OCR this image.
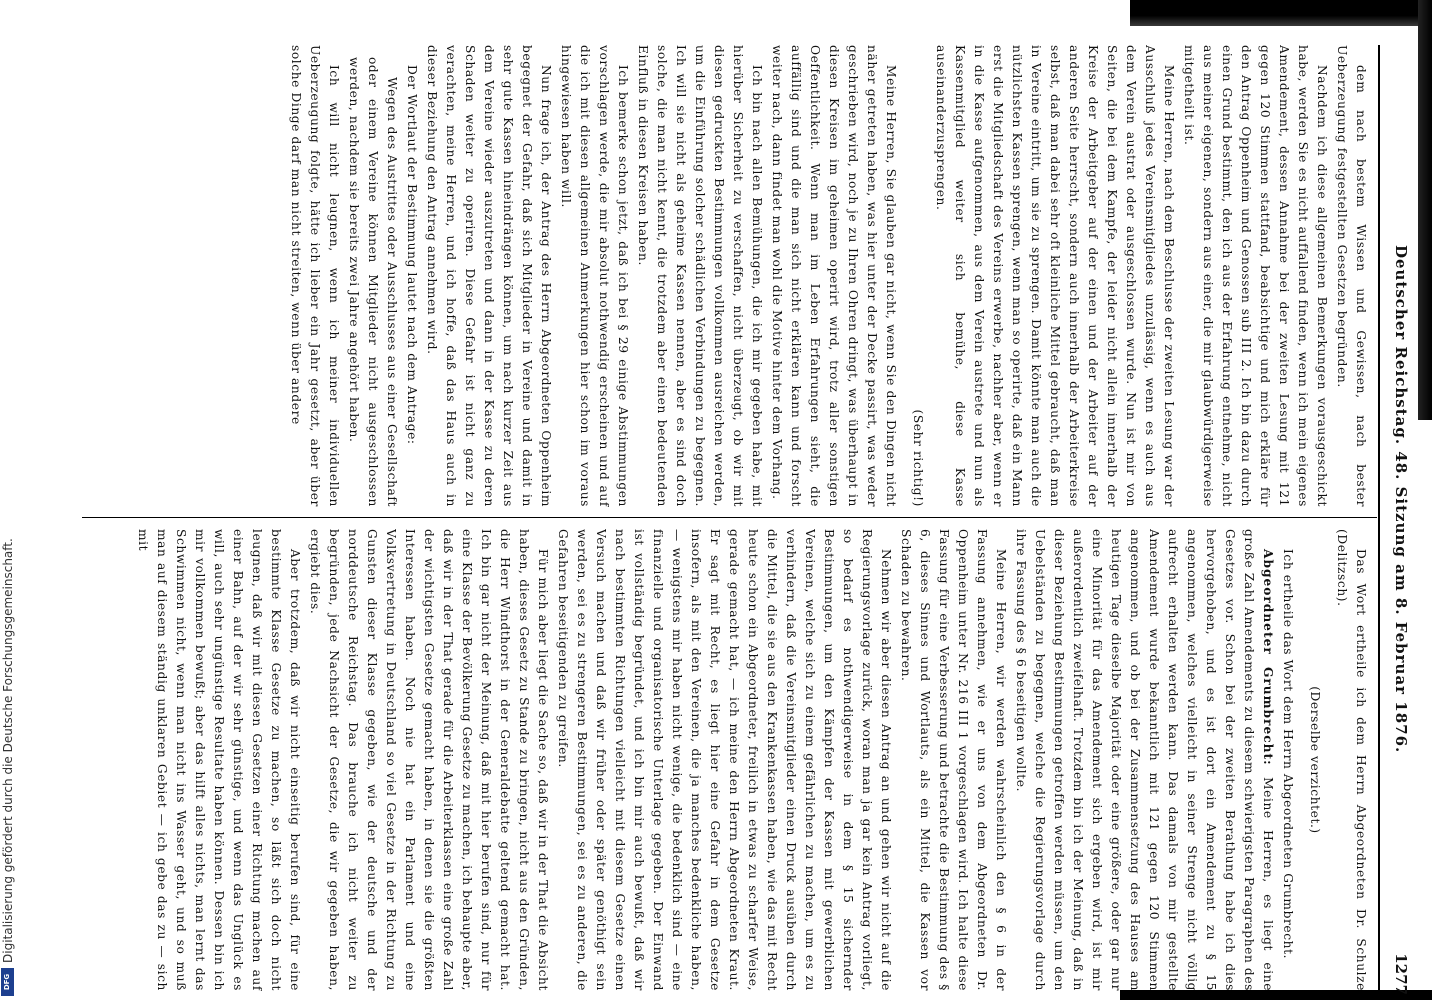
Deutscher Reichstag. 48. Sitzung am 8. Februar 1876.
1277

dem nach bestem Wissen und Gewissen, nach bester Ueberzeugung festgestellten Gesetzen begründen.

Nachdem ich diese allgemeinen Bemerkungen vorausgeschickt habe, werden Sie es nicht auffallend finden, wenn ich mein eigenes Amendement, dessen Annahme bei der zweiten Lesung mit 121 gegen 120 Stimmen stattfand, beabsichtige und mich erkläre für den Antrag Oppenheim und Genossen sub III 2. Ich bin dazu durch einen Grund bestimmt, den ich aus der Erfahrung entnehme, nicht aus meiner eigenen, sondern aus einer, die mir glaubwürdigerweise mitgetheilt ist.

Meine Herren, nach dem Beschlusse der zweiten Lesung war der Ausschluß jedes Vereinsmitgliedes unzulässig, wenn es auch aus dem Verein austrat oder ausgeschlossen wurde. Nun ist mir von Seiten, die bei dem Kampfe, der leider nicht allein innerhalb der Kreise der Arbeitgeber auf der einen und der Arbeiter auf der anderen Seite herrscht, sondern auch innerhalb der Arbeiterkreise selbst, daß man dabei sehr oft kleinliche Mittel gebraucht, daß man in Vereine eintritt, um sie zu sprengen. Damit könnte man auch die nützlichsten Kassen sprengen, wenn man so operirte, daß ein Mann erst die Mitgliedschaft des Vereins erwerbe, nachher aber, wenn er in die Kasse aufgenommen, aus dem Verein austrete und nun als Kassenmitglied weiter sich bemühe, diese Kasse auseinanderzusprengen.

(Sehr richtig!)

Meine Herren, Sie glauben gar nicht, wenn Sie den Dingen nicht näher getreten haben, was hier unter der Decke passirt, was weder geschrieben wird, noch je zu Ihren Ohren dringt, was überhaupt in diesen Kreisen im geheimen operirt wird, trotz aller sonstigen Oeffentlichkeit. Wenn man im Leben Erfahrungen sieht, die auffällig sind und die man sich nicht erklären kann und forscht weiter nach, dann findet man wohl die Motive hinter dem Vorhang.

Ich bin nach allen Bemühungen, die ich mir gegeben habe, mit hierüber Sicherheit zu verschaffen, nicht überzeugt, ob wir mit diesen gedruckten Bestimmungen vollkommen ausreichen werden, um die Einführung solcher schädlichen Verbindungen zu begegnen. Ich will sie nicht als geheime Kassen nennen, aber es sind doch solche, die man nicht kennt, die trotzdem aber einen bedeutenden Einfluß in diesen Kreisen haben.

Ich bemerke schon jetzt, daß ich bei § 29 einige Abstimmungen vorschlagen werde, die mir absolut nothwendig erscheinen und auf die ich mit diesen allgemeinen Anmerkungen hier schon im voraus hingewiesen haben will.

Nun frage ich, der Antrag des Herrn Abgeordneten Oppenheim begegnet der Gefahr, daß sich Mitglieder in Vereine und damit in sehr gute Kassen hineindrängen können, um nach kurzer Zeit aus dem Vereine wieder auszutreten und dann in der Kasse zu deren Schaden weiter zu operiren. Diese Gefahr ist nicht ganz zu verachten, meine Herren, und ich hoffe, daß das Haus auch in dieser Beziehung den Antrag annehmen wird.

Der Wortlaut der Bestimmung lautet nach dem Antrage:

Wegen des Austrittes oder Ausschlusses aus einer Gesellschaft oder einem Vereine können Mitglieder nicht ausgeschlossen werden, nachdem sie bereits zwei Jahre angehört haben.

Ich will nicht leugnen, wenn ich meiner individuellen Ueberzeugung folgte, hätte ich lieber ein Jahr gesetzt, aber über solche Dinge darf man nicht streiten, wenn über andere

Das Wort ertheile ich dem Herrn Abgeordneten Dr. Schulze (Delitzsch).

(Derselbe verzichtet.)

Ich ertheile das Wort dem Herrn Abgeordneten Grumbrecht.

Abgeordneter Grumbrecht: Meine Herren, es liegt eine große Zahl Amendements zu diesem schwierigsten Paragraphen des Gesetzes vor. Schon bei der zweiten Berathung habe ich dies hervorgehoben, und es ist dort ein Amendement zu § 15 angenommen, welches vielleicht in seiner Strenge nicht völlig aufrecht erhalten werden kann. Das damals von mir gestellte Amendement wurde bekanntlich mit 121 gegen 120 Stimmen angenommen, und ob bei der Zusammensetzung des Hauses am heutigen Tage dieselbe Majorität oder eine größere, oder gar nur eine Minorität für das Amendement sich ergeben wird, ist mir außerordentlich zweifelhaft. Trotzdem bin ich der Meinung, daß in dieser Beziehung Bestimmungen getroffen werden müssen, um den Uebelständen zu begegnen, welche die Regierungsvorlage durch ihre Fassung des § 6 beseitigen wollte.

Meine Herren, wir werden wahrscheinlich den § 6 in der Fassung annehmen, wie er uns von dem Abgeordneten Dr. Oppenheim unter Nr. 216 III 1 vorgeschlagen wird. Ich halte diese Fassung für eine Verbesserung und betrachte die Bestimmung des § 6, dieses Sinnes und Wortlauts, als ein Mittel, die Kassen vor Schaden zu bewahren.

Nehmen wir aber diesen Antrag an und gehen wir nicht auf die Regierungsvorlage zurück, woran man ja gar kein Antrag vorliegt, so bedarf es nothwendigerweise in dem § 15 sichernder Bestimmungen, um den Kämpfen der Kassen mit gewerblichen Vereinen, welche sich zu einem gefährlichen zu machen, um es zu verhindern, daß die Vereinsmitglieder einen Druck ausüben durch die Mittel, die sie aus den Krankenkassen haben, wie das mit Recht heute schon ein Abgeordneter, freilich in etwas zu scharfer Weise, gerade gemacht hat, — ich meine den Herrn Abgeordneten Kraut. Er sagt mit Recht, es liegt hier eine Gefahr in dem Gesetze insofern, als mit den Vereinen, die ja manches bedenkliche haben, — wenigstens mir haben nicht wenige, die bedenklich sind — eine finanzielle und organisatorische Unterlage gegeben. Der Einwand ist vollständig begründet, und ich bin mir auch bewußt, daß wir nach bestimmten Richtungen vielleicht mit diesem Gesetze einen Versuch machen und daß wir früher oder später genöthigt sein werden, sei es zu strengeren Bestimmungen, sei es zu anderen, die Gefahren beseitigenden zu greifen.

Für mich aber liegt die Sache so, daß wir in der That die Absicht haben, dieses Gesetz zu Stande zu bringen, nicht aus den Gründen, die Herr Windthorst in der Generaldebatte geltend gemacht hat. Ich bin gar nicht der Meinung, daß mit hier berufen sind, nur für eine Klasse der Bevölkerung Gesetze zu machen, ich behaupte aber, daß wir in der That gerade für die Arbeiterklassen eine große Zahl der wichtigsten Gesetze gemacht haben, in denen sie die größten Interessen haben. Noch nie hat ein Parlament und eine Volksvertretung in Deutschland so viel Gesetze in der Richtung zu Gunsten dieser Klasse gegeben, wie der deutsche und der norddeutsche Reichstag. Das brauche ich nicht weiter zu begründen, jede Nachsicht der Gesetze, die wir gegeben haben, ergiebt dies.

Aber trotzdem, daß wir nicht einseitig berufen sind, für eine bestimmte Klasse Gesetze zu machen, so läßt sich doch nicht leugnen, daß wir mit diesen Gesetzen einer Richtung machen auf einer Bahn, auf der wir sehr günstige, und wenn das Unglück es will, auch sehr ungünstige Resultate haben können. Dessen bin ich mir vollkommen bewußt; aber das hilft alles nichts, man lernt das Schwimmen nicht, wenn man nicht ins Wasser geht, und so muß man auf diesem ständig unklaren Gebiet — ich gebe das zu — sich mit

Digitalisierung gefördert durch die Deutsche Forschungsgemeinschaft.
DFG
